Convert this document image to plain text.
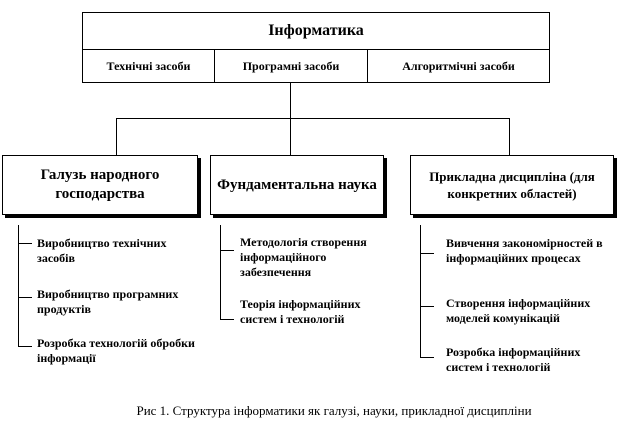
Інформатика
Технічні засоби	Програмні засоби	Алгоритмічні засоби
Галузь народного господарства
Фундаментальна наука	Прикладна дисципліна (для конкретних областей)
Виробництво технічних засобів
Виробництво програмних продуктів
Розробка технологій обробки інформації
Методологія створення інформаційного забезпечення
Теорія інформаційних систем і технологій
Вивчення закономірностей в інформаційних процесах
Створення інформаційних моделей комунікацій
Розробка інформаційних систем і технологій
Рис 1. Структура інформатики як галузі, науки, прикладної дисципліни
